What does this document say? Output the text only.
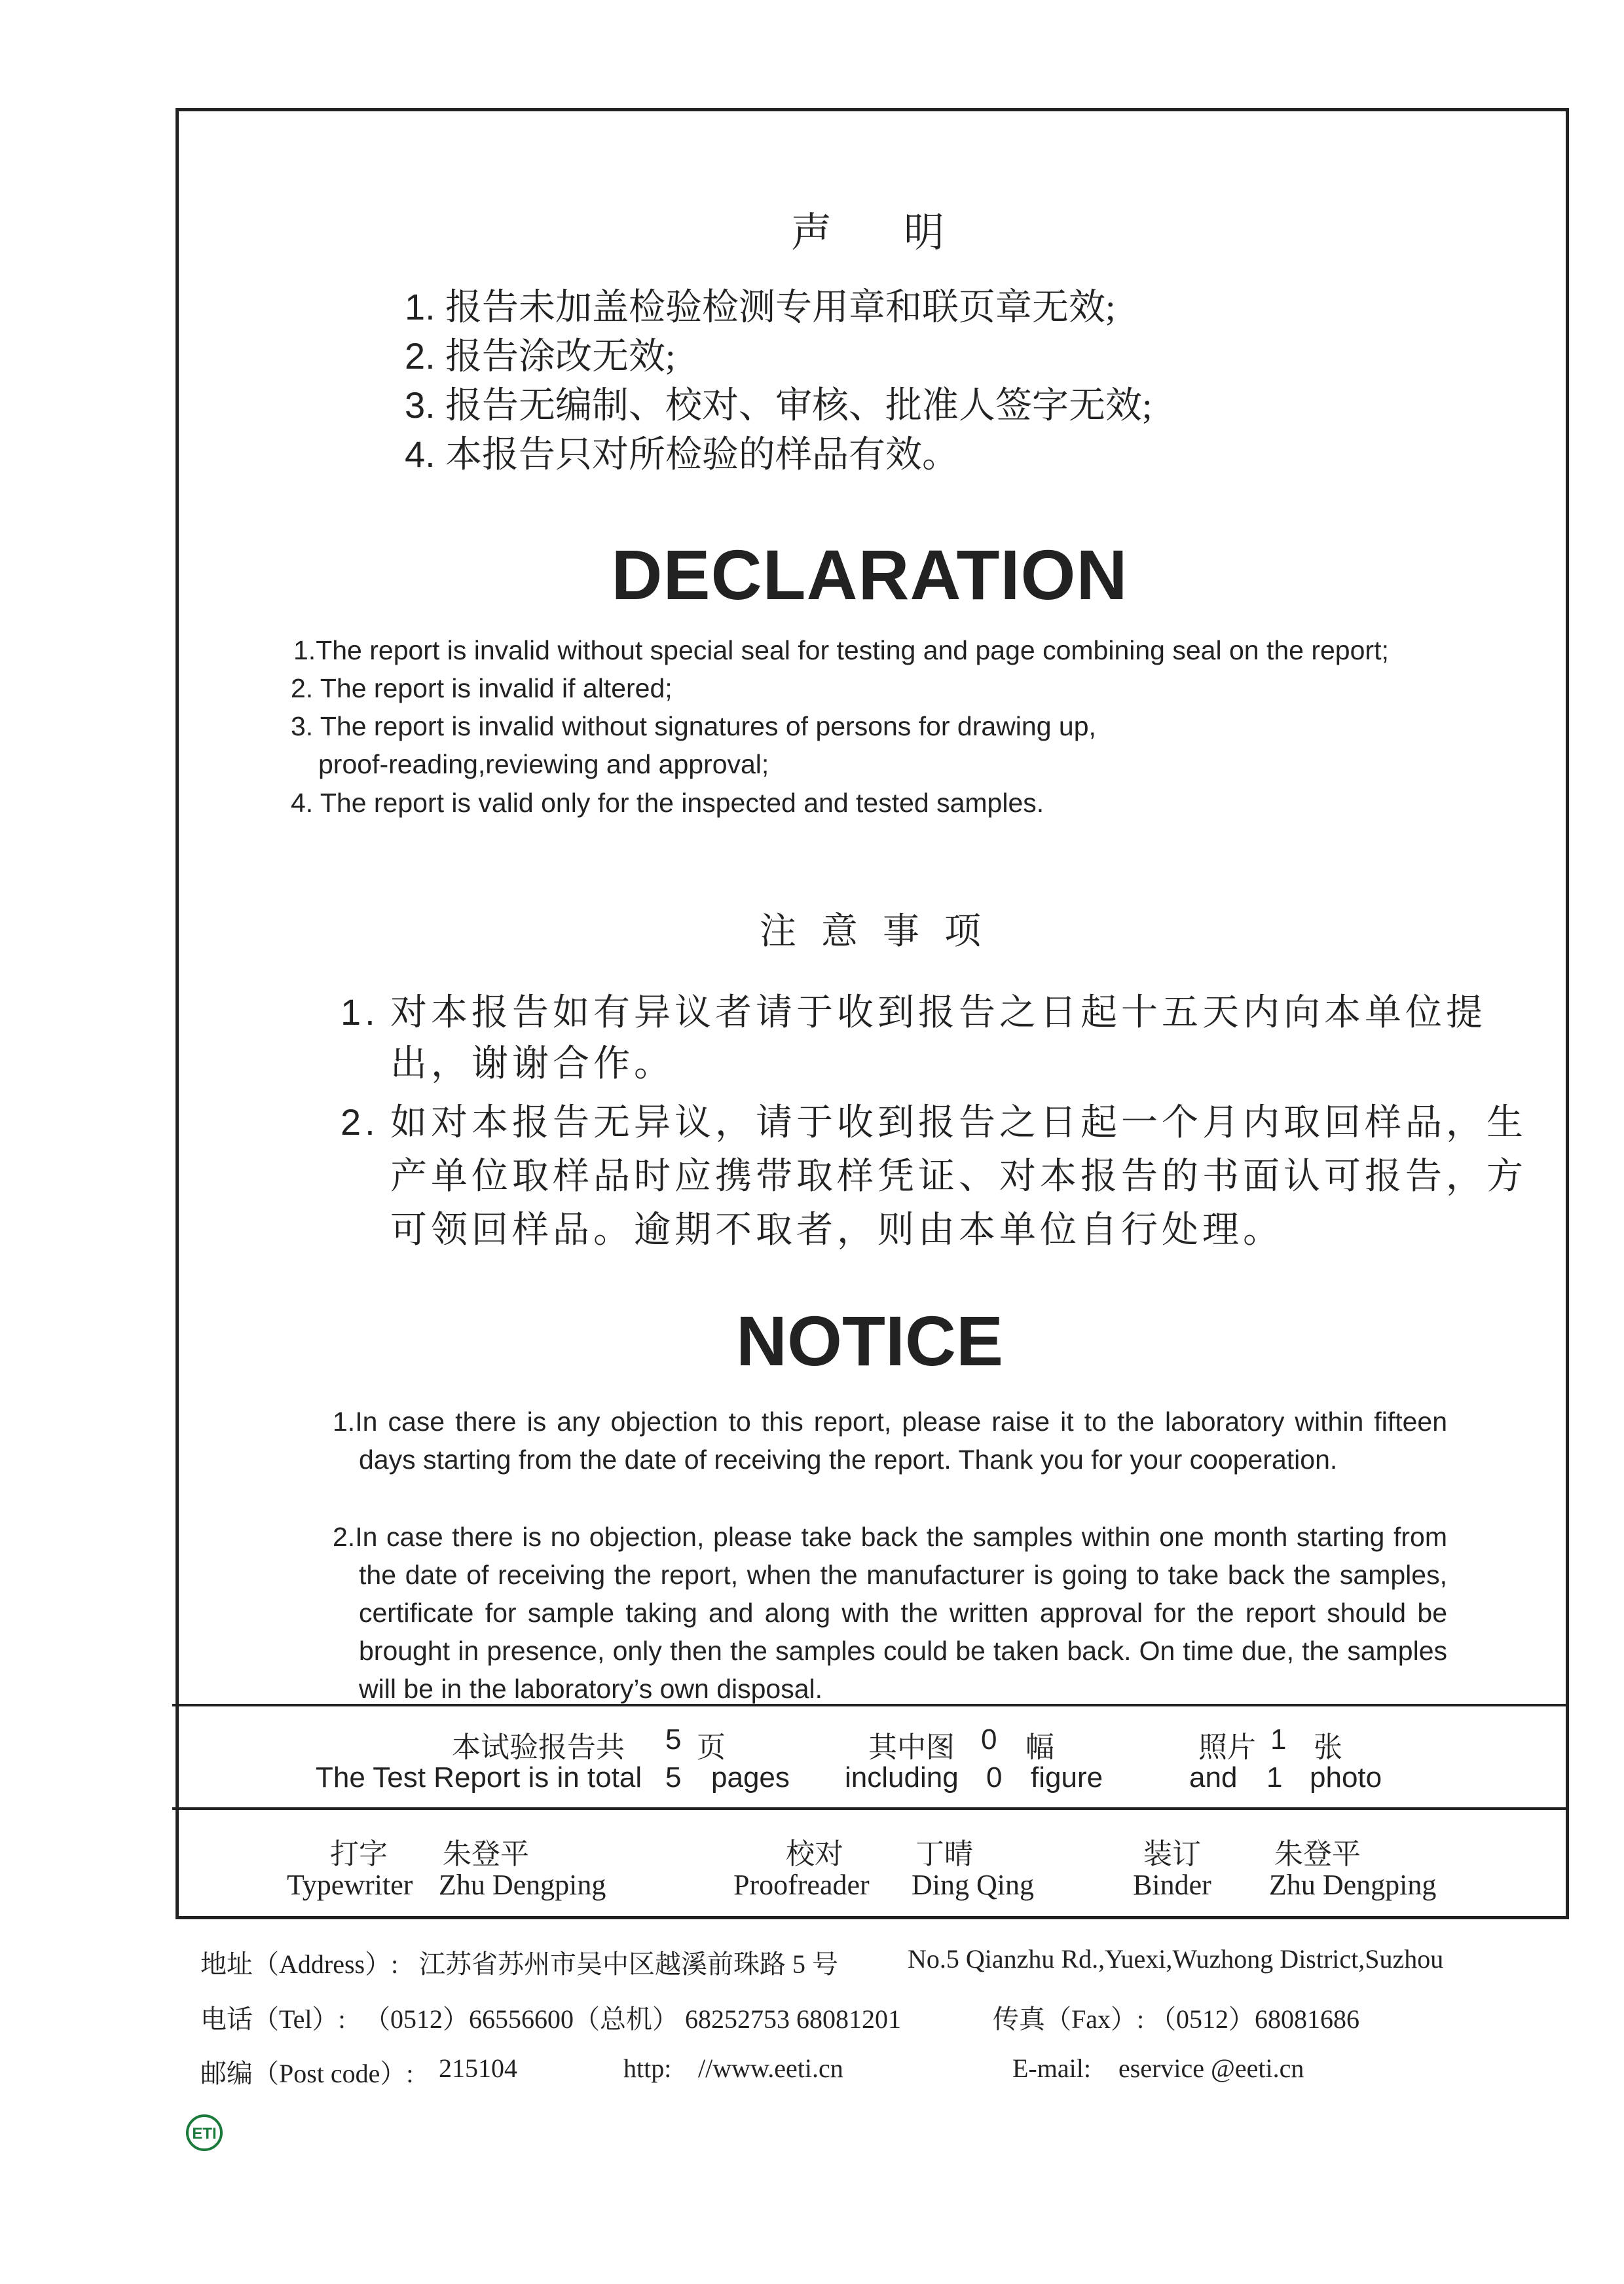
声明
1. 报告未加盖检验检测专用章和联页章无效;
2. 报告涂改无效;
3. 报告无编制、校对、审核、批准人签字无效;
4. 本报告只对所检验的样品有效。
DECLARATION
1.The report is invalid without special seal for testing and page combining seal on the report;
2. The report is invalid if altered;
3. The report is invalid without signatures of persons for drawing up,
proof-reading,reviewing and approval;
4. The report is valid only for the inspected and tested samples.
注意事项
1. 对本报告如有异议者请于收到报告之日起十五天内向本单位提
出，谢谢合作。
2. 如对本报告无异议，请于收到报告之日起一个月内取回样品，生
产单位取样品时应携带取样凭证、对本报告的书面认可报告，方
可领回样品。逾期不取者，则由本单位自行处理。
NOTICE
1.In case there is any objection to this report, please raise it to the laboratory within fifteen days starting from the date of receiving the report. Thank you for your cooperation.
2.In case there is no objection, please take back the samples within one month starting from the date of receiving the report, when the manufacturer is going to take back the samples, certificate for sample taking and along with the written approval for the report should be brought in presence, only then the samples could be taken back. On time due, the samples will be in the laboratory’s own disposal.
本试验报告共 5 页	其中图 0 幅	照片 1 张
The Test Report is in total 5 pages including 0 figure	and 1 photo
打字 朱登平
Typewriter Zhu Dengping
校对	丁晴
Proofreader Ding Qing
装订	朱登平
Binder Zhu Dengping
地址（Address）: 江苏省苏州市吴中区越溪前珠路 5 号	No.5 Qianzhu Rd.,Yuexi,Wuzhong District,Suzhou
电话（Tel）: （0512）66556600（总机） 68252753 68081201	传真（Fax）: （0512）68081686
邮编（Post code）: 215104	http: //www.eeti.cn	E-mail: eservice @eeti.cn
ETI
